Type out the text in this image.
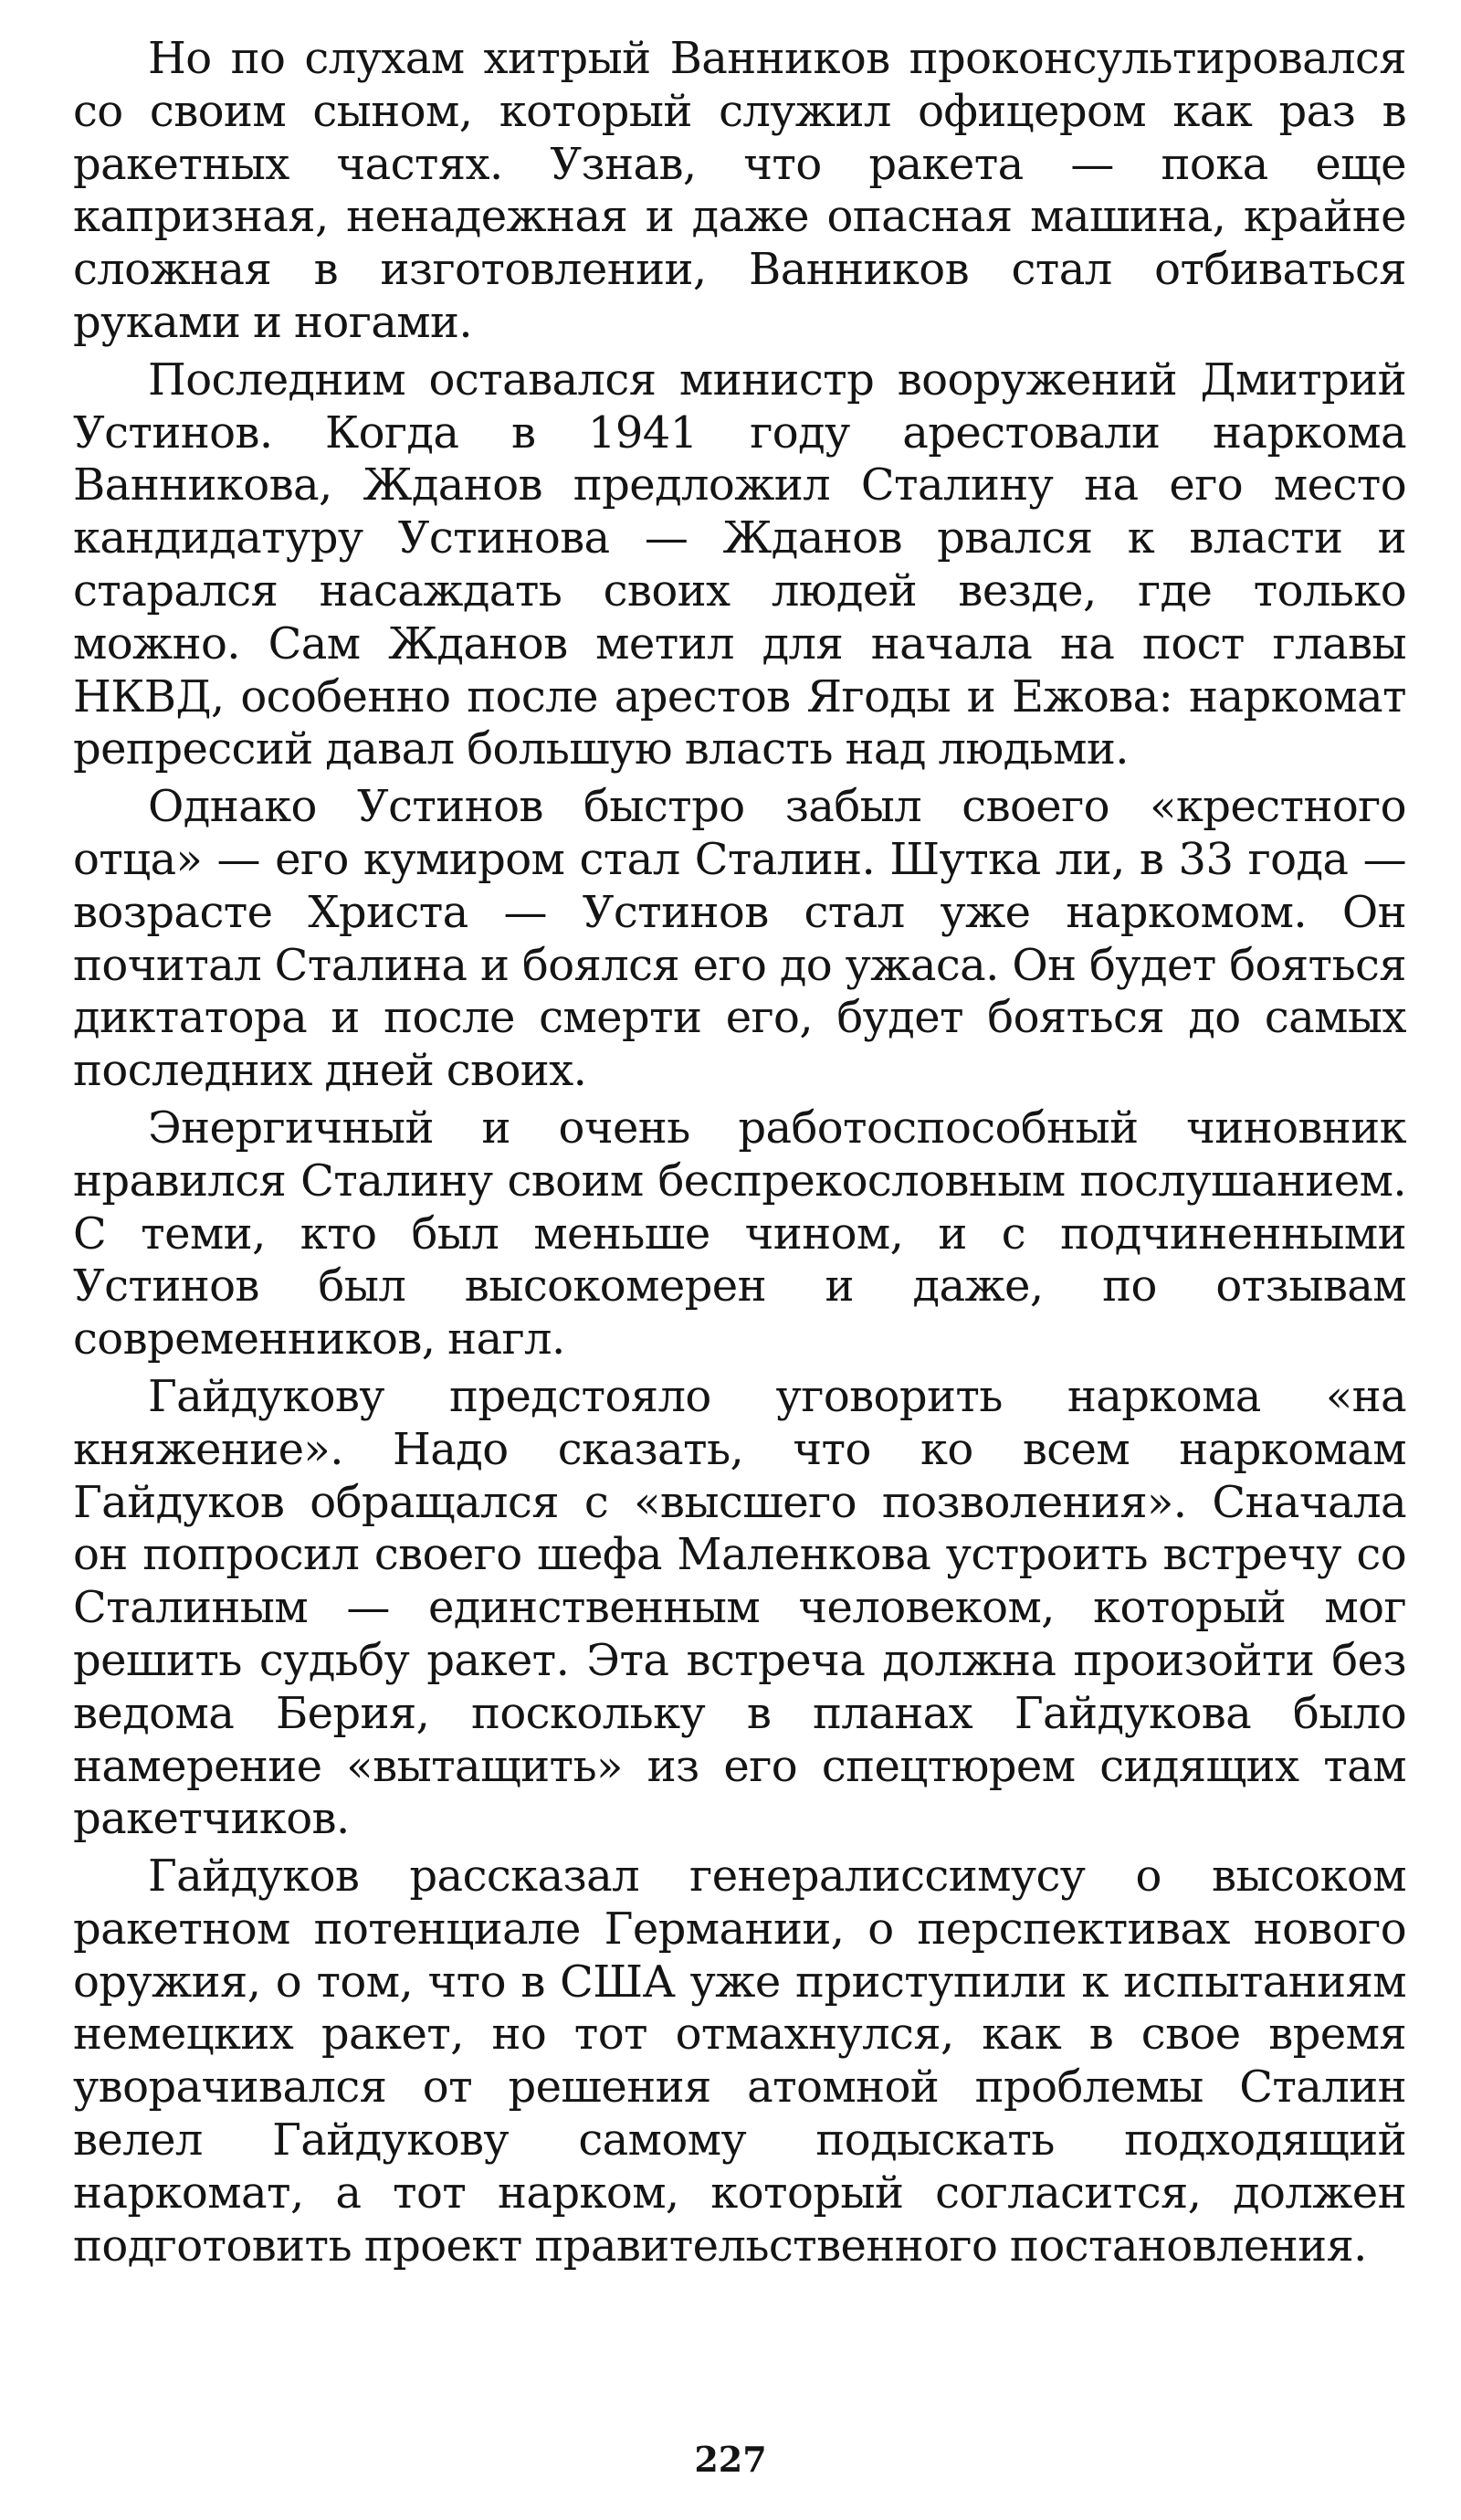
Но по слухам хитрый Ванников проконсультировался со своим сыном, который служил офицером как раз в ракетных частях. Узнав, что ракета — пока еще капризная, ненадежная и даже опасная машина, крайне сложная в изготовлении, Ванников стал отбиваться руками и ногами.

Последним оставался министр вооружений Дмитрий Устинов. Когда в 1941 году арестовали наркома Ванникова, Жданов предложил Сталину на его место кандидатуру Устинова — Жданов рвался к власти и старался насаждать своих людей везде, где только можно. Сам Жданов метил для начала на пост главы НКВД, особенно после арестов Ягоды и Ежова: наркомат репрессий давал большую власть над людьми.

Однако Устинов быстро забыл своего «крестного отца» — его кумиром стал Сталин. Шутка ли, в 33 года — возрасте Христа — Устинов стал уже наркомом. Он почитал Сталина и боялся его до ужаса. Он будет бояться диктатора и после смерти его, будет бояться до самых последних дней своих.

Энергичный и очень работоспособный чиновник нравился Сталину своим беспрекословным послушанием. С теми, кто был меньше чином, и с подчиненными Устинов был высокомерен и даже, по отзывам современников, нагл.

Гайдукову предстояло уговорить наркома «на княжение». Надо сказать, что ко всем наркомам Гайдуков обращался с «высшего позволения». Сначала он попросил своего шефа Маленкова устроить встречу со Сталиным — единственным человеком, который мог решить судьбу ракет. Эта встреча должна произойти без ведома Берия, поскольку в планах Гайдукова было намерение «вытащить» из его спецтюрем сидящих там ракетчиков.

Гайдуков рассказал генералиссимусу о высоком ракетном потенциале Германии, о перспективах нового оружия, о том, что в США уже приступили к испытаниям немецких ракет, но тот отмахнулся, как в свое время уворачивался от решения атомной проблемы Сталин велел Гайдукову самому подыскать подходящий наркомат, а тот нарком, который согласится, должен подготовить проект правительственного постановления.

227
